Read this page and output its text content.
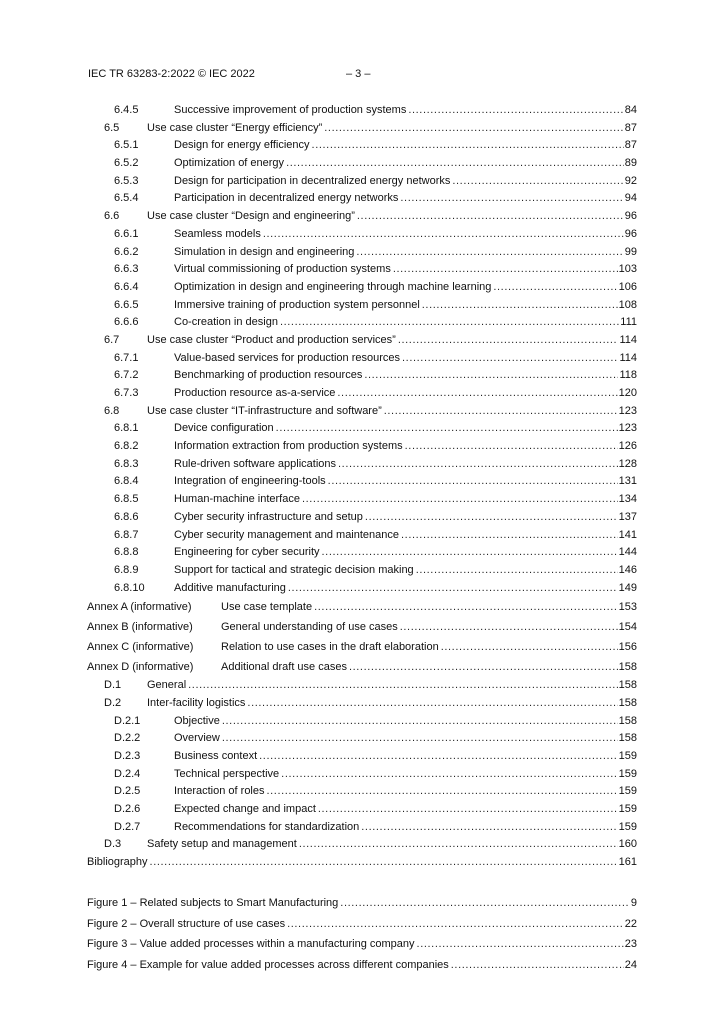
IEC TR 63283-2:2022 © IEC 2022	– 3 –
6.4.5	Successive improvement of production systems .....	84
6.5	Use case cluster “Energy efficiency” .....	87
6.5.1	Design for energy efficiency .....	87
6.5.2	Optimization of energy .....	89
6.5.3	Design for participation in decentralized energy networks .....	92
6.5.4	Participation in decentralized energy networks .....	94
6.6	Use case cluster “Design and engineering” .....	96
6.6.1	Seamless models .....	96
6.6.2	Simulation in design and engineering .....	99
6.6.3	Virtual commissioning of production systems .....	103
6.6.4	Optimization in design and engineering through machine learning .....	106
6.6.5	Immersive training of production system personnel .....	108
6.6.6	Co-creation in design .....	111
6.7	Use case cluster “Product and production services” .....	114
6.7.1	Value-based services for production resources .....	114
6.7.2	Benchmarking of production resources .....	118
6.7.3	Production resource as-a-service .....	120
6.8	Use case cluster “IT-infrastructure and software” .....	123
6.8.1	Device configuration .....	123
6.8.2	Information extraction from production systems .....	126
6.8.3	Rule-driven software applications .....	128
6.8.4	Integration of engineering-tools .....	131
6.8.5	Human-machine interface .....	134
6.8.6	Cyber security infrastructure and setup .....	137
6.8.7	Cyber security management and maintenance .....	141
6.8.8	Engineering for cyber security .....	144
6.8.9	Support for tactical and strategic decision making .....	146
6.8.10	Additive manufacturing .....	149
Annex A (informative)	Use case template .....	153
Annex B (informative)	General understanding of use cases .....	154
Annex C (informative)	Relation to use cases in the draft elaboration .....	156
Annex D (informative)	Additional draft use cases .....	158
D.1 General .....	158
D.2 Inter-facility logistics .....	158
D.2.1	Objective .....	158
D.2.2	Overview .....	158
D.2.3	Business context .....	159
D.2.4	Technical perspective .....	159
D.2.5	Interaction of roles .....	159
D.2.6	Expected change and impact .....	159
D.2.7	Recommendations for standardization .....	159
D.3 Safety setup and management .....	160
Bibliography .....	161
Figure 1 – Related subjects to Smart Manufacturing .....	9
Figure 2 – Overall structure of use cases .....	22
Figure 3 – Value added processes within a manufacturing company .....	23
Figure 4 – Example for value added processes across different companies .....	24
